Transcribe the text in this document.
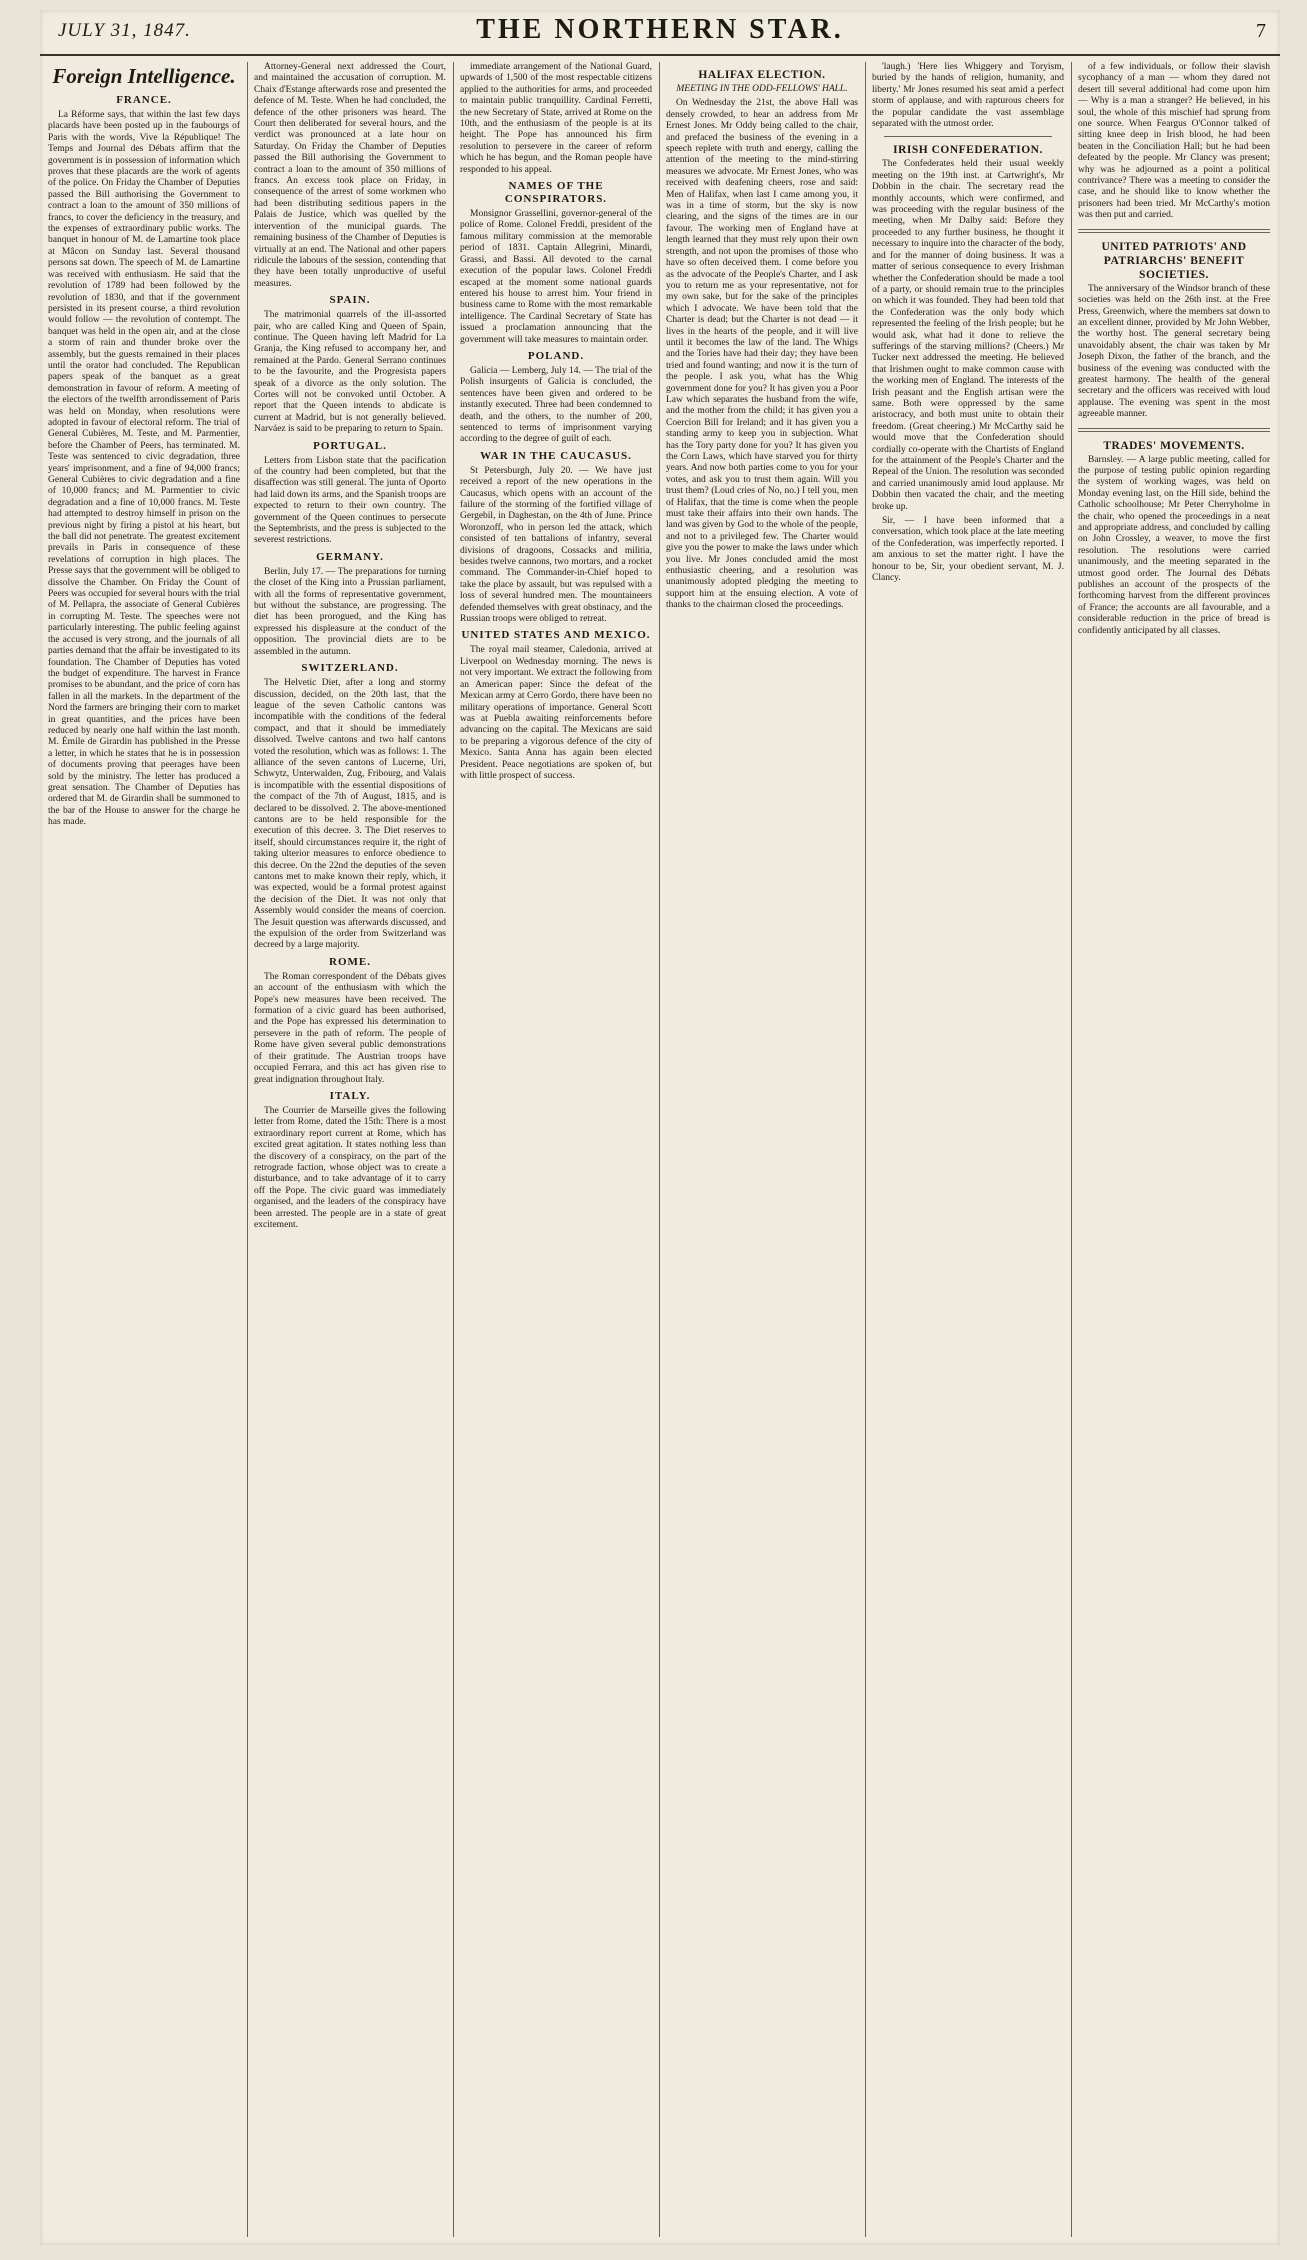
JULY 31, 1847.	THE NORTHERN STAR.	7
Foreign Intelligence.
FRANCE.

La Réforme says, that within the last few days placards have been posted up in the faubourgs of Paris with the words, Vive la République! The Temps and Journal des Débats affirm that the government is in possession of information which proves that these placards are the work of agents of the police. On Friday the Chamber of Deputies passed the Bill authorising the Government to contract a loan to the amount of 350 millions of francs, to cover the deficiency in the treasury, and the expenses of extraordinary public works. The banquet in honour of M. de Lamartine took place at Mâcon on Sunday last. Several thousand persons sat down. The speech of M. de Lamartine was received with enthusiasm. He said that the revolution of 1789 had been followed by the revolution of 1830, and that if the government persisted in its present course, a third revolution would follow — the revolution of contempt. The banquet was held in the open air, and at the close a storm of rain and thunder broke over the assembly, but the guests remained in their places until the orator had concluded. The Republican papers speak of the banquet as a great demonstration in favour of reform. A meeting of the electors of the twelfth arrondissement of Paris was held on Monday, when resolutions were adopted in favour of electoral reform. The trial of General Cubières, M. Teste, and M. Parmentier, before the Chamber of Peers, has terminated. M. Teste was sentenced to civic degradation, three years' imprisonment, and a fine of 94,000 francs; General Cubières to civic degradation and a fine of 10,000 francs; and M. Parmentier to civic degradation and a fine of 10,000 francs. M. Teste had attempted to destroy himself in prison on the previous night by firing a pistol at his heart, but the ball did not penetrate. The greatest excitement prevails in Paris in consequence of these revelations of corruption in high places. The Presse says that the government will be obliged to dissolve the Chamber. On Friday the Count of Peers was occupied for several hours with the trial of M. Pellapra, the associate of General Cubières in corrupting M. Teste. The speeches were not particularly interesting. The public feeling against the accused is very strong, and the journals of all parties demand that the affair be investigated to its foundation. The Chamber of Deputies has voted the budget of expenditure. The harvest in France promises to be abundant, and the price of corn has fallen in all the markets. In the department of the Nord the farmers are bringing their corn to market in great quantities, and the prices have been reduced by nearly one half within the last month. M. Émile de Girardin has published in the Presse a letter, in which he states that he is in possession of documents proving that peerages have been sold by the ministry. The letter has produced a great sensation. The Chamber of Deputies has ordered that M. de Girardin shall be summoned to the bar of the House to answer for the charge he has made.

Attorney-General next addressed the Court, and maintained the accusation of corruption. M. Chaix d'Estange afterwards rose and presented the defence of M. Teste. When he had concluded, the defence of the other prisoners was heard. The Court then deliberated for several hours, and the verdict was pronounced at a late hour on Saturday. On Friday the Chamber of Deputies passed the Bill authorising the Government to contract a loan to the amount of 350 millions of francs. An excess took place on Friday, in consequence of the arrest of some workmen who had been distributing seditious papers in the Palais de Justice, which was quelled by the intervention of the municipal guards. The remaining business of the Chamber of Deputies is virtually at an end. The National and other papers ridicule the labours of the session, contending that they have been totally unproductive of useful measures.

SPAIN.

The matrimonial quarrels of the ill-assorted pair, who are called King and Queen of Spain, continue. The Queen having left Madrid for La Granja, the King refused to accompany her, and remained at the Pardo. General Serrano continues to be the favourite, and the Progresista papers speak of a divorce as the only solution. The Cortes will not be convoked until October. A report that the Queen intends to abdicate is current at Madrid, but is not generally believed. Narváez is said to be preparing to return to Spain.

PORTUGAL.

Letters from Lisbon state that the pacification of the country had been completed, but that the disaffection was still general. The junta of Oporto had laid down its arms, and the Spanish troops are expected to return to their own country. The government of the Queen continues to persecute the Septembrists, and the press is subjected to the severest restrictions.

GERMANY.

Berlin, July 17. — The preparations for turning the closet of the King into a Prussian parliament, with all the forms of representative government, but without the substance, are progressing. The diet has been prorogued, and the King has expressed his displeasure at the conduct of the opposition. The provincial diets are to be assembled in the autumn.

SWITZERLAND.

The Helvetic Diet, after a long and stormy discussion, decided, on the 20th last, that the league of the seven Catholic cantons was incompatible with the conditions of the federal compact, and that it should be immediately dissolved. Twelve cantons and two half cantons voted the resolution, which was as follows: 1. The alliance of the seven cantons of Lucerne, Uri, Schwytz, Unterwalden, Zug, Fribourg, and Valais is incompatible with the essential dispositions of the compact of the 7th of August, 1815, and is declared to be dissolved. 2. The above-mentioned cantons are to be held responsible for the execution of this decree. 3. The Diet reserves to itself, should circumstances require it, the right of taking ulterior measures to enforce obedience to this decree. On the 22nd the deputies of the seven cantons met to make known their reply, which, it was expected, would be a formal protest against the decision of the Diet. It was not only that Assembly would consider the means of coercion. The Jesuit question was afterwards discussed, and the expulsion of the order from Switzerland was decreed by a large majority.

ROME.

The Roman correspondent of the Débats gives an account of the enthusiasm with which the Pope's new measures have been received. The formation of a civic guard has been authorised, and the Pope has expressed his determination to persevere in the path of reform. The people of Rome have given several public demonstrations of their gratitude. The Austrian troops have occupied Ferrara, and this act has given rise to great indignation throughout Italy.

ITALY.

The Courrier de Marseille gives the following letter from Rome, dated the 15th: There is a most extraordinary report current at Rome, which has excited great agitation. It states nothing less than the discovery of a conspiracy, on the part of the retrograde faction, whose object was to create a disturbance, and to take advantage of it to carry off the Pope. The civic guard was immediately organised, and the leaders of the conspiracy have been arrested. The people are in a state of great excitement.

immediate arrangement of the National Guard, upwards of 1,500 of the most respectable citizens applied to the authorities for arms, and proceeded to maintain public tranquillity. Cardinal Ferretti, the new Secretary of State, arrived at Rome on the 10th, and the enthusiasm of the people is at its height. The Pope has announced his firm resolution to persevere in the career of reform which he has begun, and the Roman people have responded to his appeal.

NAMES OF THE CONSPIRATORS.

Monsignor Grassellini, governor-general of the police of Rome. Colonel Freddi, president of the famous military commission at the memorable period of 1831. Captain Allegrini, Minardi, Grassi, and Bassi. All devoted to the carnal execution of the popular laws. Colonel Freddi escaped at the moment some national guards entered his house to arrest him. Your friend in business came to Rome with the most remarkable intelligence. The Cardinal Secretary of State has issued a proclamation announcing that the government will take measures to maintain order.

POLAND.

Galicia — Lemberg, July 14. — The trial of the Polish insurgents of Galicia is concluded, the sentences have been given and ordered to be instantly executed. Three had been condemned to death, and the others, to the number of 200, sentenced to terms of imprisonment varying according to the degree of guilt of each.

WAR IN THE CAUCASUS.

St Petersburgh, July 20. — We have just received a report of the new operations in the Caucasus, which opens with an account of the failure of the storming of the fortified village of Gergebil, in Daghestan, on the 4th of June. Prince Woronzoff, who in person led the attack, which consisted of ten battalions of infantry, several divisions of dragoons, Cossacks and militia, besides twelve cannons, two mortars, and a rocket command. The Commander-in-Chief hoped to take the place by assault, but was repulsed with a loss of several hundred men. The mountaineers defended themselves with great obstinacy, and the Russian troops were obliged to retreat.

UNITED STATES AND MEXICO.

The royal mail steamer, Caledonia, arrived at Liverpool on Wednesday morning. The news is not very important. We extract the following from an American paper: Since the defeat of the Mexican army at Cerro Gordo, there have been no military operations of importance. General Scott was at Puebla awaiting reinforcements before advancing on the capital. The Mexicans are said to be preparing a vigorous defence of the city of Mexico. Santa Anna has again been elected President. Peace negotiations are spoken of, but with little prospect of success.

HALIFAX ELECTION.
MEETING IN THE ODD-FELLOWS' HALL.

On Wednesday the 21st, the above Hall was densely crowded, to hear an address from Mr Ernest Jones. Mr Oddy being called to the chair, and prefaced the business of the evening in a speech replete with truth and energy, calling the attention of the meeting to the mind-stirring measures we advocate. Mr Ernest Jones, who was received with deafening cheers, rose and said: Men of Halifax, when last I came among you, it was in a time of storm, but the sky is now clearing, and the signs of the times are in our favour. The working men of England have at length learned that they must rely upon their own strength, and not upon the promises of those who have so often deceived them. I come before you as the advocate of the People's Charter, and I ask you to return me as your representative, not for my own sake, but for the sake of the principles which I advocate. We have been told that the Charter is dead; but the Charter is not dead — it lives in the hearts of the people, and it will live until it becomes the law of the land. The Whigs and the Tories have had their day; they have been tried and found wanting; and now it is the turn of the people. I ask you, what has the Whig government done for you? It has given you a Poor Law which separates the husband from the wife, and the mother from the child; it has given you a Coercion Bill for Ireland; and it has given you a standing army to keep you in subjection. What has the Tory party done for you? It has given you the Corn Laws, which have starved you for thirty years. And now both parties come to you for your votes, and ask you to trust them again. Will you trust them? (Loud cries of No, no.) I tell you, men of Halifax, that the time is come when the people must take their affairs into their own hands. The land was given by God to the whole of the people, and not to a privileged few. The Charter would give you the power to make the laws under which you live. Mr Jones concluded amid the most enthusiastic cheering, and a resolution was unanimously adopted pledging the meeting to support him at the ensuing election. A vote of thanks to the chairman closed the proceedings.

'laugh.) 'Here lies Whiggery and Toryism, buried by the hands of religion, humanity, and liberty.' Mr Jones resumed his seat amid a perfect storm of applause, and with rapturous cheers for the popular candidate the vast assemblage separated with the utmost order.

IRISH CONFEDERATION.

The Confederates held their usual weekly meeting on the 19th inst. at Cartwright's, Mr Dobbin in the chair. The secretary read the monthly accounts, which were confirmed, and was proceeding with the regular business of the meeting, when Mr Dalby said: Before they proceeded to any further business, he thought it necessary to inquire into the character of the body, and for the manner of doing business. It was a matter of serious consequence to every Irishman whether the Confederation should be made a tool of a party, or should remain true to the principles on which it was founded. They had been told that the Confederation was the only body which represented the feeling of the Irish people; but he would ask, what had it done to relieve the sufferings of the starving millions? (Cheers.) Mr Tucker next addressed the meeting. He believed that Irishmen ought to make common cause with the working men of England. The interests of the Irish peasant and the English artisan were the same. Both were oppressed by the same aristocracy, and both must unite to obtain their freedom. (Great cheering.) Mr McCarthy said he would move that the Confederation should cordially co-operate with the Chartists of England for the attainment of the People's Charter and the Repeal of the Union. The resolution was seconded and carried unanimously amid loud applause. Mr Dobbin then vacated the chair, and the meeting broke up.

Sir, — I have been informed that a conversation, which took place at the late meeting of the Confederation, was imperfectly reported. I am anxious to set the matter right. I have the honour to be, Sir, your obedient servant, M. J. Clancy.

of a few individuals, or follow their slavish sycophancy of a man — whom they dared not desert till several additional had come upon him — Why is a man a stranger? He believed, in his soul, the whole of this mischief had sprung from one source. When Feargus O'Connor talked of sitting knee deep in Irish blood, he had been beaten in the Conciliation Hall; but he had been defeated by the people. Mr Clancy was present; why was he adjourned as a point a political contrivance? There was a meeting to consider the case, and he should like to know whether the prisoners had been tried. Mr McCarthy's motion was then put and carried.

UNITED PATRIOTS' AND PATRIARCHS' BENEFIT SOCIETIES.

The anniversary of the Windsor branch of these societies was held on the 26th inst. at the Free Press, Greenwich, where the members sat down to an excellent dinner, provided by Mr John Webber, the worthy host. The general secretary being unavoidably absent, the chair was taken by Mr Joseph Dixon, the father of the branch, and the business of the evening was conducted with the greatest harmony. The health of the general secretary and the officers was received with loud applause. The evening was spent in the most agreeable manner.

TRADES' MOVEMENTS.

Barnsley. — A large public meeting, called for the purpose of testing public opinion regarding the system of working wages, was held on Monday evening last, on the Hill side, behind the Catholic schoolhouse; Mr Peter Cherryholme in the chair, who opened the proceedings in a neat and appropriate address, and concluded by calling on John Crossley, a weaver, to move the first resolution. The resolutions were carried unanimously, and the meeting separated in the utmost good order. The Journal des Débats publishes an account of the prospects of the forthcoming harvest from the different provinces of France; the accounts are all favourable, and a considerable reduction in the price of bread is confidently anticipated by all classes.
